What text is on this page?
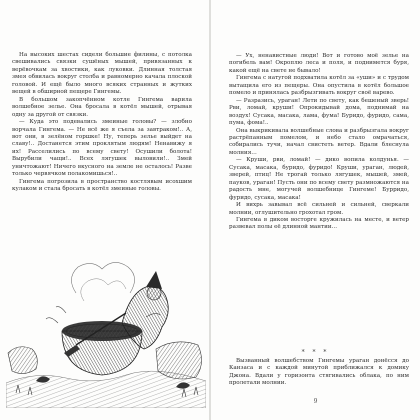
На высоких шестах сидели большие филины, с потолка свешивались связки сушёных мышей, привязанных к верёвочкам за хвостики, как луковки. Длинная толстая змея обвилась вокруг столба и равномерно качала плоской головой. И ещё было много всяких странных и жутких вещей в обширной пещере Гингемы.

В большом закопчённом котле Гингема варила волшебное зелье. Она бросала в котёл мышей, отрывая одну за другой от связки.

— Куда это подевались змеиные головы? — злобно ворчала Гингема. — Не всё же я съела за завтраком!.. А, вот они, в зелёном горшке! Ну, теперь зелье выйдет на славу!.. Достанется этим проклятым людям! Ненавижу я их! Расселились по всему свету! Осушили болота! Вырубили чащи!.. Всех лягушек выловили!.. Змей уничтожают! Ничего вкусного на земле не осталось! Разве только червячком полакомишься!..

Гингема погрозила в пространство костлявым исохшим кулаком и стала бросать в котёл змеиные головы.

— Ух, ненавистные люди! Вот и готово моё зелье на погибель вам! Окроплю леса и поля, и поднимется буря, какой ещё на свете не бывало!

Гингема с натугой подхватила котёл за «уши» и с трудом вытащила его из пещеры. Она опустила в котёл большое помело и принялась разбрызгивать вокруг своё варево.

— Разразись, ураган! Лети по свету, как бешеный зверь! Рви, ломай, круши! Опрокидывай дома, поднимай на воздух! Сусака, масака, лама, фума! Буридо, фуридо, сама, пума, фома!..

Она выкрикивала волшебные слова и разбрызгала вокруг растрёпанным помелом, и небо стало омрачаться, собирались тучи, начал свистеть ветер. Вдали блеснула молния…

— Круши, рви, ломай! — дико вопила колдунья. — Сусака, масака, буридо, фуридо! Круши, ураган, людей, зверей, птиц! Не трогай только лягушек, мышей, змей, пауков, ураган! Пусть они по всему свету размножаются на радость мне, могучей волшебнице Гингеме! Бурридо, фуридо, сусака, масака!

И вихрь завывал всё сильней и сильней, сверкали молнии, оглушительно грохотал гром.

Гингема в диком восторге кружилась на месте, и ветер развевал полы её длинной мантии…

* * *

Вызванный волшебством Гингемы ураган донёсся до Канзаса и с каждой минутой приближался к домику Джона. Вдали у горизонта стягивались облака, по ним пролетали молнии.

9
